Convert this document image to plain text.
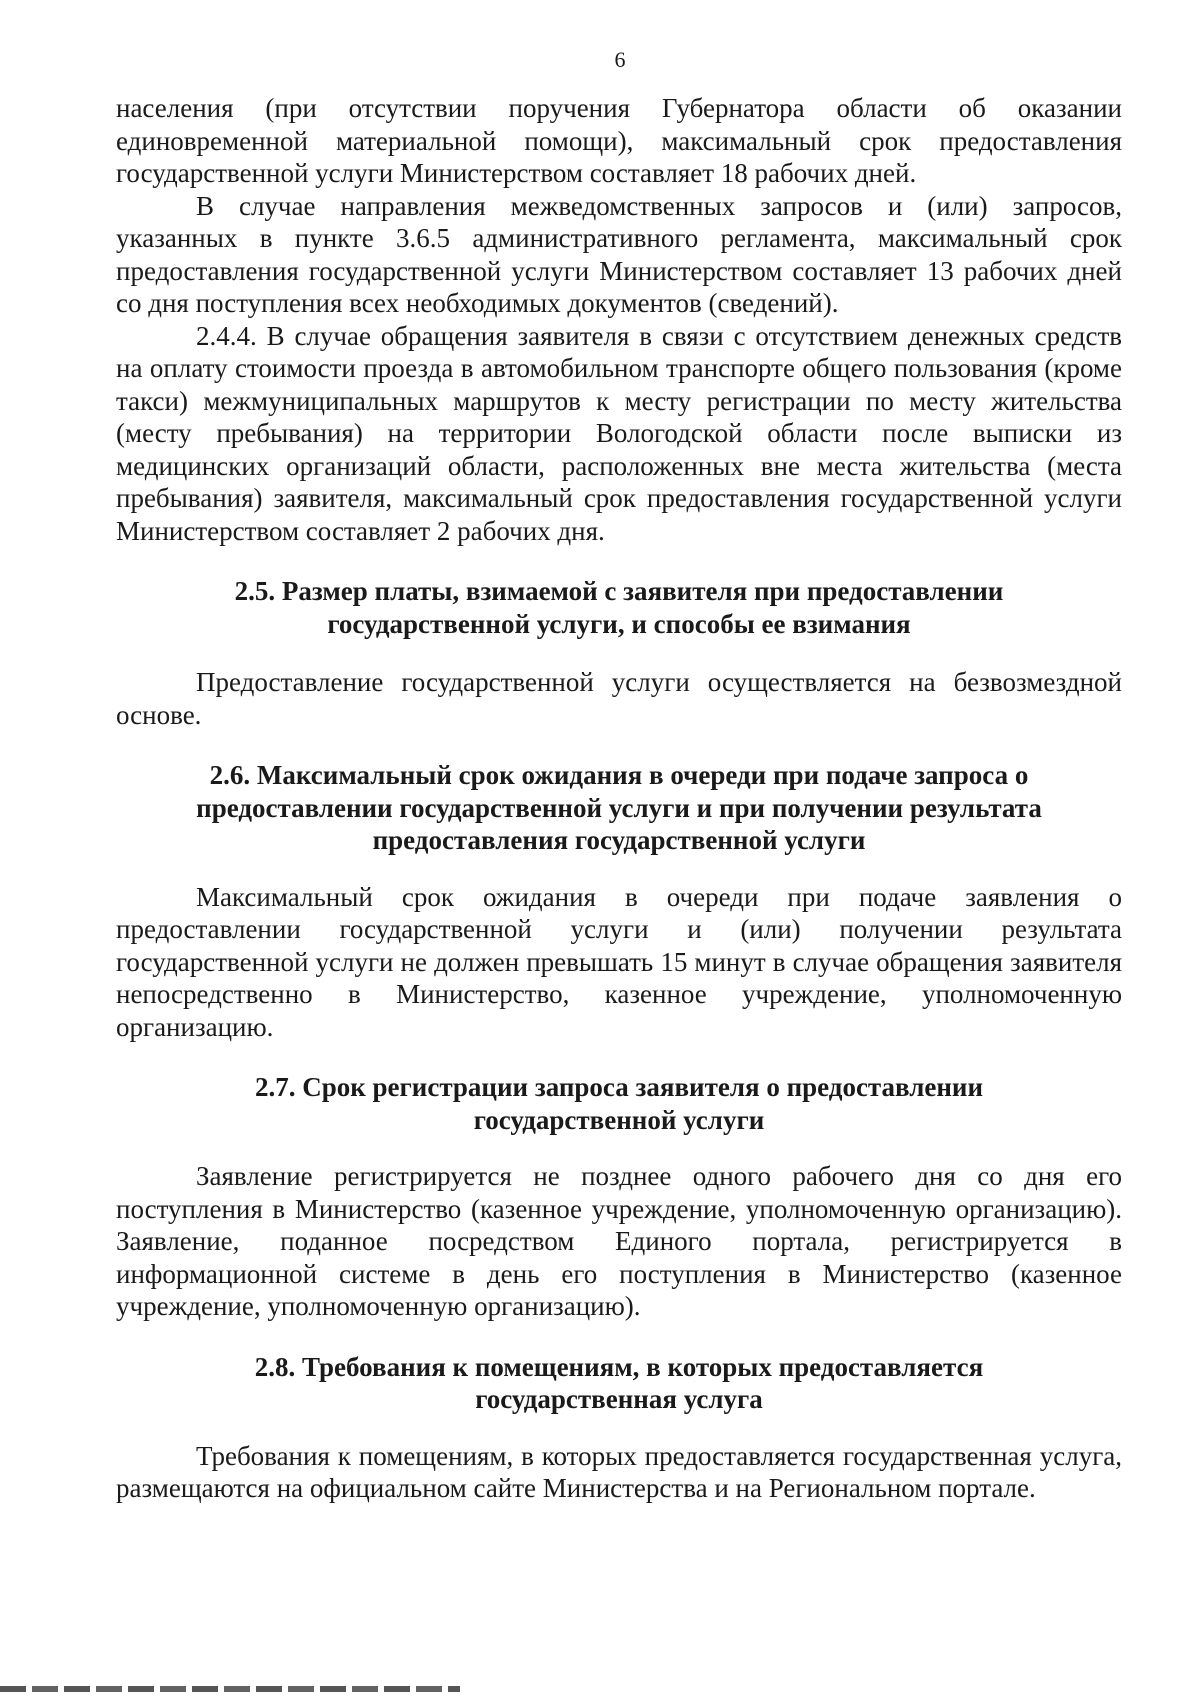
6

населения (при отсутствии поручения Губернатора области об оказании единовременной материальной помощи), максимальный срок предоставления государственной услуги Министерством составляет 18 рабочих дней.

В случае направления межведомственных запросов и (или) запросов, указанных в пункте 3.6.5 административного регламента, максимальный срок предоставления государственной услуги Министерством составляет 13 рабочих дней со дня поступления всех необходимых документов (сведений).

2.4.4. В случае обращения заявителя в связи с отсутствием денежных средств на оплату стоимости проезда в автомобильном транспорте общего пользования (кроме такси) межмуниципальных маршрутов к месту регистрации по месту жительства (месту пребывания) на территории Вологодской области после выписки из медицинских организаций области, расположенных вне места жительства (места пребывания) заявителя, максимальный срок предоставления государственной услуги Министерством составляет 2 рабочих дня.

2.5. Размер платы, взимаемой с заявителя при предоставлении
государственной услуги, и способы ее взимания

Предоставление государственной услуги осуществляется на безвозмездной основе.

2.6. Максимальный срок ожидания в очереди при подаче запроса о
предоставлении государственной услуги и при получении результата
предоставления государственной услуги

Максимальный срок ожидания в очереди при подаче заявления о предоставлении государственной услуги и (или) получении результата государственной услуги не должен превышать 15 минут в случае обращения заявителя непосредственно в Министерство, казенное учреждение, уполномоченную организацию.

2.7. Срок регистрации запроса заявителя о предоставлении
государственной услуги

Заявление регистрируется не позднее одного рабочего дня со дня его поступления в Министерство (казенное учреждение, уполномоченную организацию). Заявление, поданное посредством Единого портала, регистрируется в информационной системе в день его поступления в Министерство (казенное учреждение, уполномоченную организацию).

2.8. Требования к помещениям, в которых предоставляется
государственная услуга

Требования к помещениям, в которых предоставляется государственная услуга, размещаются на официальном сайте Министерства и на Региональном портале.
